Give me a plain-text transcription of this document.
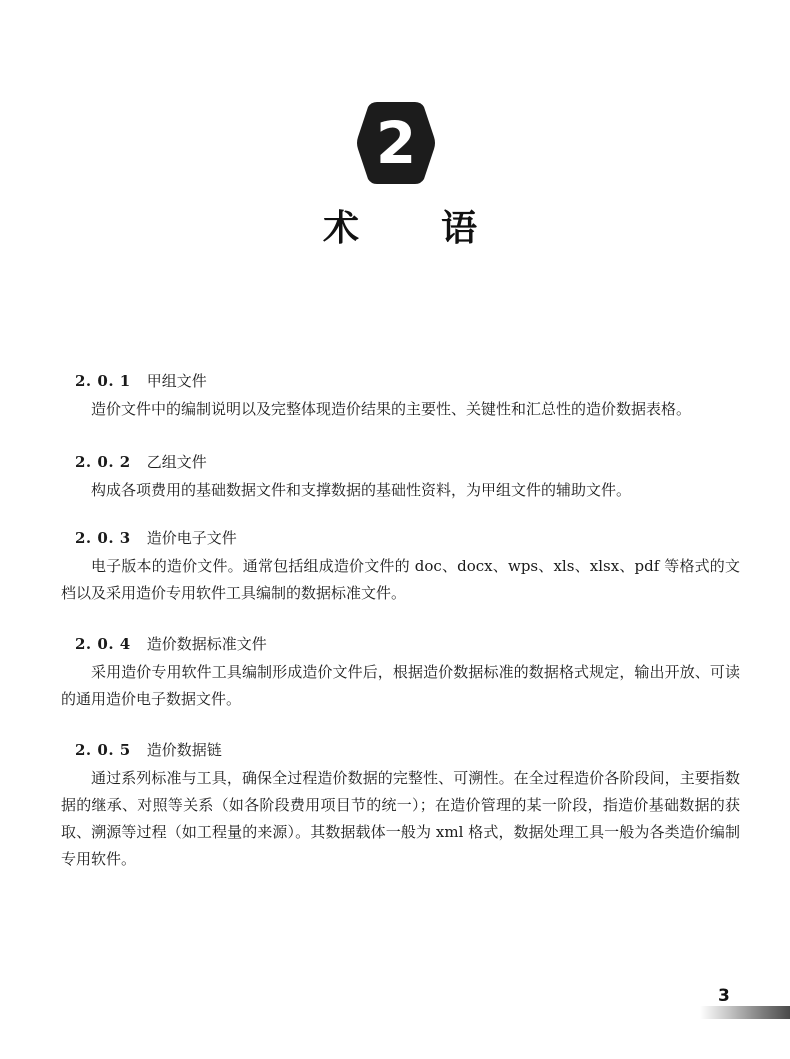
2
术 语
2. 0. 1 甲组文件

造价文件中的编制说明以及完整体现造价结果的主要性、关键性和汇总性的造价数据表格。

2. 0. 2 乙组文件

构成各项费用的基础数据文件和支撑数据的基础性资料，为甲组文件的辅助文件。

2. 0. 3 造价电子文件

电子版本的造价文件。通常包括组成造价文件的 doc、docx、wps、xls、xlsx、pdf 等格式的文档以及采用造价专用软件工具编制的数据标准文件。

2. 0. 4 造价数据标准文件

采用造价专用软件工具编制形成造价文件后，根据造价数据标准的数据格式规定，输出开放、可读的通用造价电子数据文件。

2. 0. 5 造价数据链

通过系列标准与工具，确保全过程造价数据的完整性、可溯性。在全过程造价各阶段间，主要指数据的继承、对照等关系（如各阶段费用项目节的统一）；在造价管理的某一阶段，指造价基础数据的获取、溯源等过程（如工程量的来源）。其数据载体一般为 xml 格式，数据处理工具一般为各类造价编制专用软件。

3
